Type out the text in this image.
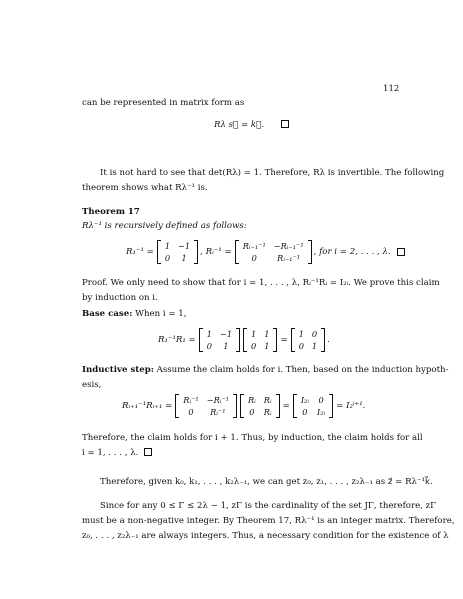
112
can be represented in matrix form as
Rλ s⃗ = k⃗.
It is not hard to see that det(Rλ) = 1. Therefore, Rλ is invertible. The following
theorem shows what Rλ⁻¹ is.
Theorem 17
Rλ⁻¹ is recursively defined as follows:
R₁⁻¹ =
1	−1
0	1
, Rᵢ⁻¹ =
Rᵢ₋₁⁻¹	−Rᵢ₋₁⁻¹
0	Rᵢ₋₁⁻¹
, for i = 2, . . . , λ.
Proof. We only need to show that for i = 1, . . . , λ, Rᵢ⁻¹Rᵢ = I₂ᵢ. We prove this claim
by induction on i.
Base case: When i = 1,
R₁⁻¹R₁ =
1	−1
0	1
1	1
0	1
=
1	0
0	1
.
Inductive step: Assume the claim holds for i. Then, based on the induction hypoth-
esis,
Rᵢ₊₁⁻¹Rᵢ₊₁ =
Rᵢ⁻¹	−Rᵢ⁻¹
0	Rᵢ⁻¹
Rᵢ	Rᵢ
0	Rᵢ
=
I₂ᵢ	0
0	I₂ᵢ
= I₂ⁱ⁺¹.
Therefore, the claim holds for i + 1. Thus, by induction, the claim holds for all
i = 1, . . . , λ.
Therefore, given k₀, k₁, . . . , k₂λ₋₁, we can get z₀, z₁, . . . , z₂λ₋₁ as z⃗ = Rλ⁻¹k⃗.
Since for any 0 ≤ Γ ≤ 2λ − 1, zΓ is the cardinality of the set JΓ, therefore, zΓ
must be a non-negative integer. By Theorem 17, Rλ⁻¹ is an integer matrix. Therefore,
z₀, . . . , z₂λ₋₁ are always integers. Thus, a necessary condition for the existence of λ
